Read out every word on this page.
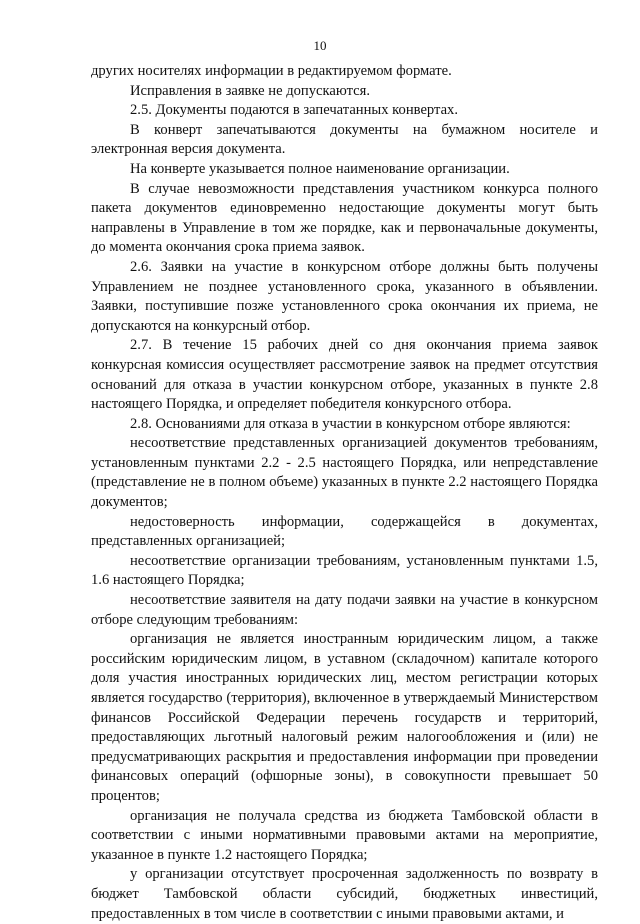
10

других носителях информации в редактируемом формате.

Исправления в заявке не допускаются.

2.5. Документы подаются в запечатанных конвертах.

В конверт запечатываются документы на бумажном носителе и электронная версия документа.

На конверте указывается полное наименование организации.

В случае невозможности представления участником конкурса полного пакета документов единовременно недостающие документы могут быть направлены в Управление в том же порядке, как и первоначальные документы, до момента окончания срока приема заявок.

2.6. Заявки на участие в конкурсном отборе должны быть получены Управлением не позднее установленного срока, указанного в объявлении. Заявки, поступившие позже установленного срока окончания их приема, не допускаются на конкурсный отбор.

2.7. В течение 15 рабочих дней со дня окончания приема заявок конкурсная комиссия осуществляет рассмотрение заявок на предмет отсутствия оснований для отказа в участии конкурсном отборе, указанных в пункте 2.8 настоящего Порядка, и определяет победителя конкурсного отбора.

2.8. Основаниями для отказа в участии в конкурсном отборе являются:

несоответствие представленных организацией документов требованиям, установленным пунктами 2.2 - 2.5 настоящего Порядка, или непредставление (представление не в полном объеме) указанных в пункте 2.2 настоящего Порядка документов;

недостоверность информации, содержащейся в документах, представленных организацией;

несоответствие организации требованиям, установленным пунктами 1.5, 1.6 настоящего Порядка;

несоответствие заявителя на дату подачи заявки на участие в конкурсном отборе следующим требованиям:

организация не является иностранным юридическим лицом, а также российским юридическим лицом, в уставном (складочном) капитале которого доля участия иностранных юридических лиц, местом регистрации которых является государство (территория), включенное в утверждаемый Министерством финансов Российской Федерации перечень государств и территорий, предоставляющих льготный налоговый режим налогообложения и (или) не предусматривающих раскрытия и предоставления информации при проведении финансовых операций (офшорные зоны), в совокупности превышает 50 процентов;

организация не получала средства из бюджета Тамбовской области в соответствии с иными нормативными правовыми актами на мероприятие, указанное в пункте 1.2 настоящего Порядка;

у организации отсутствует просроченная задолженность по возврату в бюджет Тамбовской области субсидий, бюджетных инвестиций, предоставленных в том числе в соответствии с иными правовыми актами, и
